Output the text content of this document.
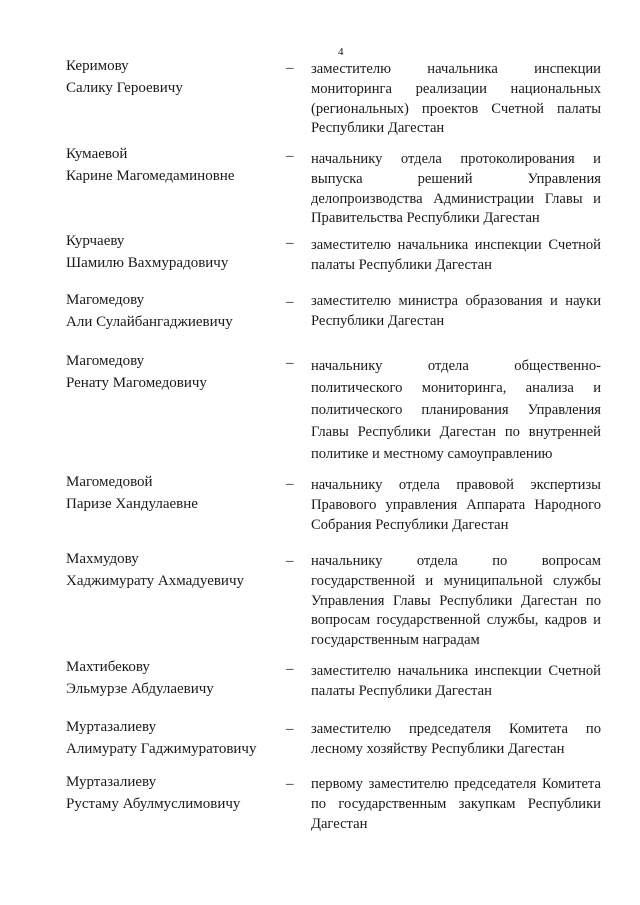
4
Керимову
Салику Героевичу
– заместителю начальника инспекции мониторинга реализации национальных (региональных) проектов Счетной палаты Республики Дагестан
Кумаевой
Карине Магомедаминовне
– начальнику отдела протоколирования и выпуска решений Управления делопроизводства Администрации Главы и Правительства Республики Дагестан
Курчаеву
Шамилю Вахмурадовичу
– заместителю начальника инспекции Счетной палаты Республики Дагестан
Магомедову
Али Сулайбангаджиевичу
– заместителю министра образования и науки Республики Дагестан
Магомедову
Ренату Магомедовичу
– начальнику отдела общественно-политического мониторинга, анализа и политического планирования Управления Главы Республики Дагестан по внутренней политике и местному самоуправлению
Магомедовой
Паризе Хандулаевне
– начальнику отдела правовой экспертизы Правового управления Аппарата Народного Собрания Республики Дагестан
Махмудову
Хаджимурату Ахмадуевичу
– начальнику отдела по вопросам государственной и муниципальной службы Управления Главы Республики Дагестан по вопросам государственной службы, кадров и государственным наградам
Махтибекову
Эльмурзе Абдулаевичу
– заместителю начальника инспекции Счетной палаты Республики Дагестан
Муртазалиеву
Алимурату Гаджимуратовичу
– заместителю председателя Комитета по лесному хозяйству Республики Дагестан
Муртазалиеву
Рустаму Абулмуслимовичу
– первому заместителю председателя Комитета по государственным закупкам Республики Дагестан
